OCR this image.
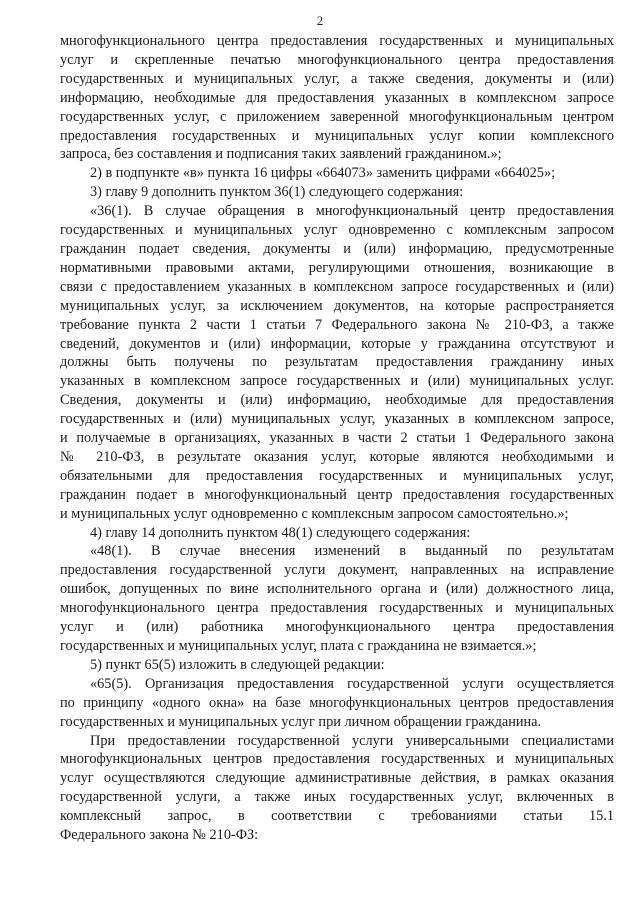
2
многофункционального центра предоставления государственных и муниципальных
услуг и скрепленные печатью многофункционального центра предоставления
государственных и муниципальных услуг, а также сведения, документы и (или)
информацию, необходимые для предоставления указанных в комплексном запросе
государственных услуг, с приложением заверенной многофункциональным центром
предоставления государственных и муниципальных услуг копии комплексного
запроса, без составления и подписания таких заявлений гражданином.»;
2) в подпункте «в» пункта 16 цифры «664073» заменить цифрами «664025»;
3) главу 9 дополнить пунктом 36(1) следующего содержания:
«36(1). В случае обращения в многофункциональный центр предоставления
государственных и муниципальных услуг одновременно с комплексным запросом
гражданин подает сведения, документы и (или) информацию, предусмотренные
нормативными правовыми актами, регулирующими отношения, возникающие в
связи с предоставлением указанных в комплексном запросе государственных и (или)
муниципальных услуг, за исключением документов, на которые распространяется
требование пункта 2 части 1 статьи 7 Федерального закона № 210-ФЗ, а также
сведений, документов и (или) информации, которые у гражданина отсутствуют и
должны быть получены по результатам предоставления гражданину иных
указанных в комплексном запросе государственных и (или) муниципальных услуг.
Сведения, документы и (или) информацию, необходимые для предоставления
государственных и (или) муниципальных услуг, указанных в комплексном запросе,
и получаемые в организациях, указанных в части 2 статьи 1 Федерального закона
№ 210-ФЗ, в результате оказания услуг, которые являются необходимыми и
обязательными для предоставления государственных и муниципальных услуг,
гражданин подает в многофункциональный центр предоставления государственных
и муниципальных услуг одновременно с комплексным запросом самостоятельно.»;
4) главу 14 дополнить пунктом 48(1) следующего содержания:
«48(1). В случае внесения изменений в выданный по результатам
предоставления государственной услуги документ, направленных на исправление
ошибок, допущенных по вине исполнительного органа и (или) должностного лица,
многофункционального центра предоставления государственных и муниципальных
услуг и (или) работника многофункционального центра предоставления
государственных и муниципальных услуг, плата с гражданина не взимается.»;
5) пункт 65(5) изложить в следующей редакции:
«65(5). Организация предоставления государственной услуги осуществляется
по принципу «одного окна» на базе многофункциональных центров предоставления
государственных и муниципальных услуг при личном обращении гражданина.
При предоставлении государственной услуги универсальными специалистами
многофункциональных центров предоставления государственных и муниципальных
услуг осуществляются следующие административные действия, в рамках оказания
государственной услуги, а также иных государственных услуг, включенных в
комплексный запрос, в соответствии с требованиями статьи 15.1
Федерального закона № 210-ФЗ:
